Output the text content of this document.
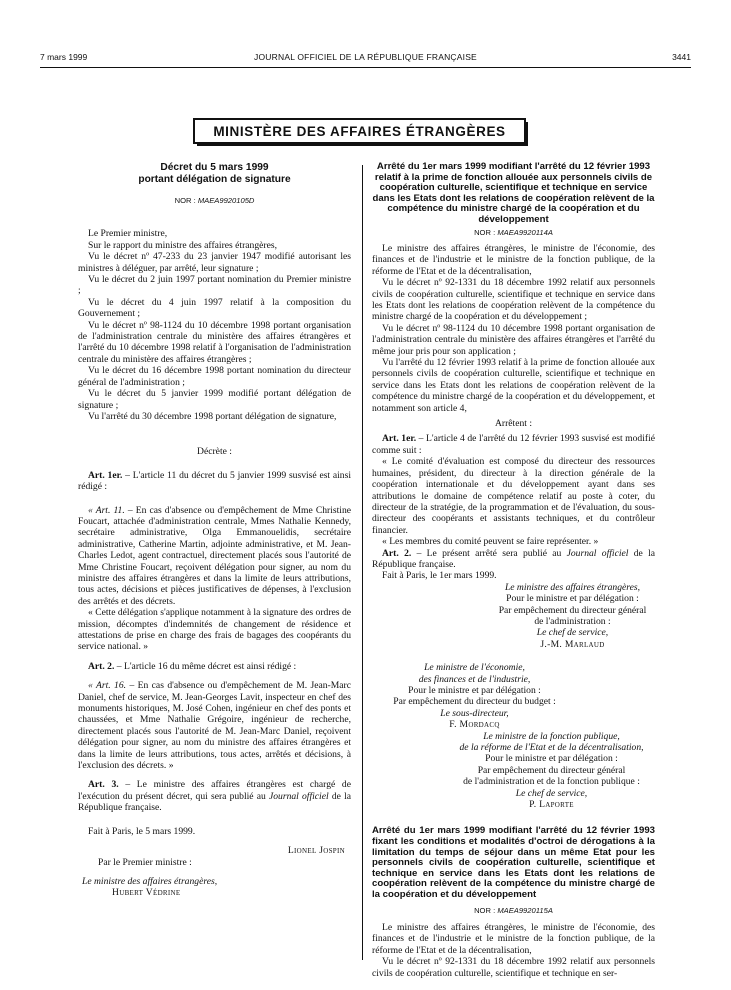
7 mars 1999	JOURNAL OFFICIEL DE LA RÉPUBLIQUE FRANÇAISE	3441
MINISTÈRE DES AFFAIRES ÉTRANGÈRES
Décret du 5 mars 1999
portant délégation de signature
NOR : MAEA9920105D

Le Premier ministre,

Sur le rapport du ministre des affaires étrangères,

Vu le décret nº 47-233 du 23 janvier 1947 modifié autorisant les ministres à déléguer, par arrêté, leur signature ;

Vu le décret du 2 juin 1997 portant nomination du Premier ministre ;

Vu le décret du 4 juin 1997 relatif à la composition du Gouvernement ;

Vu le décret nº 98-1124 du 10 décembre 1998 portant organisation de l'administration centrale du ministère des affaires étrangères et l'arrêté du 10 décembre 1998 relatif à l'organisation de l'administration centrale du ministère des affaires étrangères ;

Vu le décret du 16 décembre 1998 portant nomination du directeur général de l'administration ;

Vu le décret du 5 janvier 1999 modifié portant délégation de signature ;

Vu l'arrêté du 30 décembre 1998 portant délégation de signature,

Décrète :

Art. 1er. – L'article 11 du décret du 5 janvier 1999 susvisé est ainsi rédigé :

« Art. 11. – En cas d'absence ou d'empêchement de Mme Christine Foucart, attachée d'administration centrale, Mmes Nathalie Kennedy, secrétaire administrative, Olga Emmanouelidis, secrétaire administrative, Catherine Martin, adjointe administrative, et M. Jean-Charles Ledot, agent contractuel, directement placés sous l'autorité de Mme Christine Foucart, reçoivent délégation pour signer, au nom du ministre des affaires étrangères et dans la limite de leurs attributions, tous actes, décisions et pièces justificatives de dépenses, à l'exclusion des arrêtés et des décrets.

« Cette délégation s'applique notamment à la signature des ordres de mission, décomptes d'indemnités de changement de résidence et attestations de prise en charge des frais de bagages des coopérants du service national. »

Art. 2. – L'article 16 du même décret est ainsi rédigé :

« Art. 16. – En cas d'absence ou d'empêchement de M. Jean-Marc Daniel, chef de service, M. Jean-Georges Lavit, inspecteur en chef des monuments historiques, M. José Cohen, ingénieur en chef des ponts et chaussées, et Mme Nathalie Grégoire, ingénieur de recherche, directement placés sous l'autorité de M. Jean-Marc Daniel, reçoivent délégation pour signer, au nom du ministre des affaires étrangères et dans la limite de leurs attributions, tous actes, arrêtés et décisions, à l'exclusion des décrets. »

Art. 3. – Le ministre des affaires étrangères est chargé de l'exécution du présent décret, qui sera publié au Journal officiel de la République française.

Fait à Paris, le 5 mars 1999.

Lionel Jospin

Par le Premier ministre :

Le ministre des affaires étrangères,

Hubert Védrine

Arrêté du 1er mars 1999 modifiant l'arrêté du 12 février 1993 relatif à la prime de fonction allouée aux personnels civils de coopération culturelle, scientifique et technique en service dans les Etats dont les relations de coopération relèvent de la compétence du ministre chargé de la coopération et du développement

NOR : MAEA9920114A

Le ministre des affaires étrangères, le ministre de l'économie, des finances et de l'industrie et le ministre de la fonction publique, de la réforme de l'Etat et de la décentralisation,

Vu le décret nº 92-1331 du 18 décembre 1992 relatif aux personnels civils de coopération culturelle, scientifique et technique en service dans les Etats dont les relations de coopération relèvent de la compétence du ministre chargé de la coopération et du développement ;

Vu le décret nº 98-1124 du 10 décembre 1998 portant organisation de l'administration centrale du ministère des affaires étrangères et l'arrêté du même jour pris pour son application ;

Vu l'arrêté du 12 février 1993 relatif à la prime de fonction allouée aux personnels civils de coopération culturelle, scientifique et technique en service dans les Etats dont les relations de coopération relèvent de la compétence du ministre chargé de la coopération et du développement, et notamment son article 4,

Arrêtent :

Art. 1er. – L'article 4 de l'arrêté du 12 février 1993 susvisé est modifié comme suit :

« Le comité d'évaluation est composé du directeur des ressources humaines, président, du directeur à la direction générale de la coopération internationale et du développement ayant dans ses attributions le domaine de compétence relatif au poste à coter, du directeur de la stratégie, de la programmation et de l'évaluation, du sous-directeur des coopérants et assistants techniques, et du contrôleur financier.

« Les membres du comité peuvent se faire représenter. »

Art. 2. – Le présent arrêté sera publié au Journal officiel de la République française.

Fait à Paris, le 1er mars 1999.

Le ministre des affaires étrangères,
Pour le ministre et par délégation :
Par empêchement du directeur général
de l'administration :
Le chef de service,
J.-M. Marlaud
Le ministre de l'économie,
des finances et de l'industrie,
Pour le ministre et par délégation :
Par empêchement du directeur du budget :
Le sous-directeur,
F. Mordacq
Le ministre de la fonction publique,
de la réforme de l'Etat et de la décentralisation,
Pour le ministre et par délégation :
Par empêchement du directeur général
de l'administration et de la fonction publique :
Le chef de service,
P. Laporte

Arrêté du 1er mars 1999 modifiant l'arrêté du 12 février 1993 fixant les conditions et modalités d'octroi de dérogations à la limitation du temps de séjour dans un même Etat pour les personnels civils de coopération culturelle, scientifique et technique en service dans les Etats dont les relations de coopération relèvent de la compétence du ministre chargé de la coopération et du développement

NOR : MAEA9920115A

Le ministre des affaires étrangères, le ministre de l'économie, des finances et de l'industrie et le ministre de la fonction publique, de la réforme de l'Etat et de la décentralisation,

Vu le décret nº 92-1331 du 18 décembre 1992 relatif aux personnels civils de coopération culturelle, scientifique et technique en ser-
